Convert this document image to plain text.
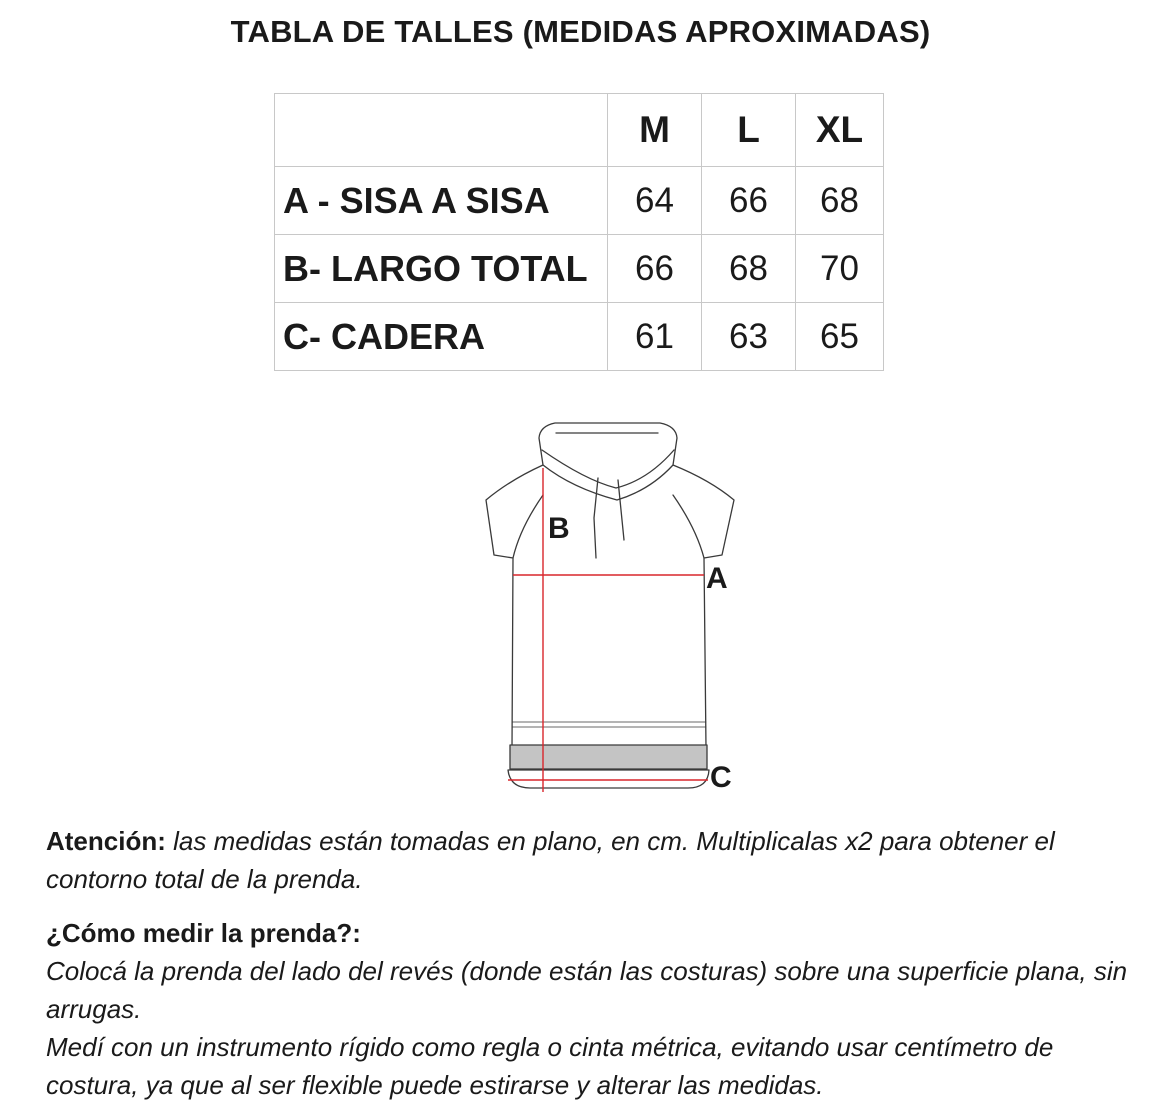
TABLA DE TALLES (MEDIDAS APROXIMADAS)
	M	L	XL
A - SISA A SISA	64	66	68
B- LARGO TOTAL	66	68	70
C- CADERA	61	63	65
B
A
C

Atención: las medidas están tomadas en plano, en cm. Multiplicalas x2 para obtener el contorno total de la prenda.

¿Cómo medir la prenda?:

Colocá la prenda del lado del revés (donde están las costuras) sobre una superficie plana, sin arrugas.

Medí con un instrumento rígido como regla o cinta métrica, evitando usar centímetro de costura, ya que al ser flexible puede estirarse y alterar las medidas.
